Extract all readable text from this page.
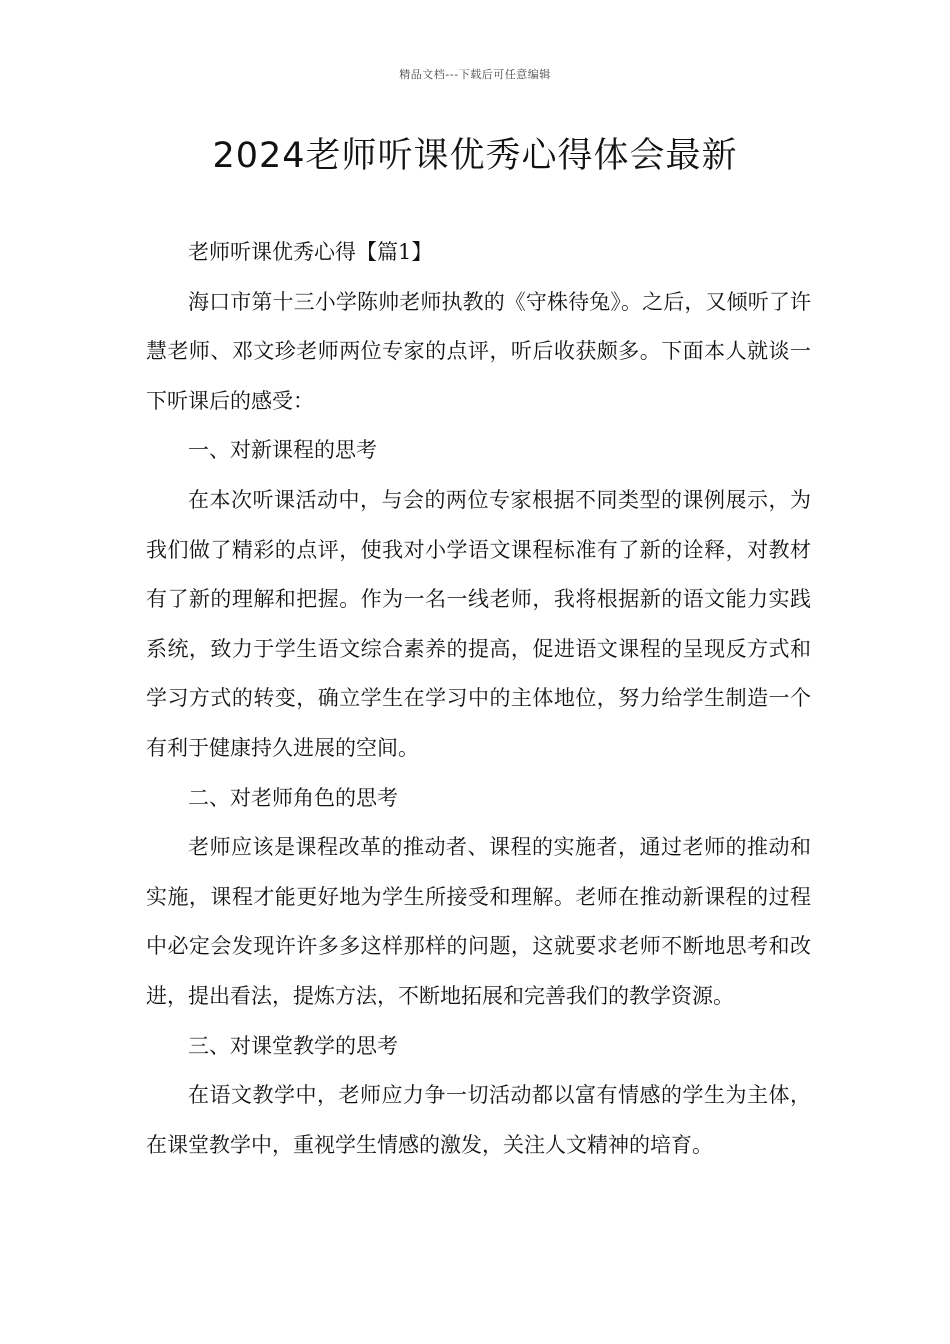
精品文档---下载后可任意编辑
2024老师听课优秀心得体会最新

老师听课优秀心得【篇1】

海口市第十三小学陈帅老师执教的《守株待兔》。之后，又倾听了许慧老师、邓文珍老师两位专家的点评，听后收获颇多。下面本人就谈一下听课后的感受：

一、对新课程的思考

在本次听课活动中，与会的两位专家根据不同类型的课例展示，为我们做了精彩的点评，使我对小学语文课程标准有了新的诠释，对教材有了新的理解和把握。作为一名一线老师，我将根据新的语文能力实践系统，致力于学生语文综合素养的提高，促进语文课程的呈现反方式和学习方式的转变，确立学生在学习中的主体地位，努力给学生制造一个有利于健康持久进展的空间。

二、对老师角色的思考

老师应该是课程改革的推动者、课程的实施者，通过老师的推动和实施，课程才能更好地为学生所接受和理解。老师在推动新课程的过程中必定会发现许许多多这样那样的问题，这就要求老师不断地思考和改进，提出看法，提炼方法，不断地拓展和完善我们的教学资源。

三、对课堂教学的思考

在语文教学中，老师应力争一切活动都以富有情感的学生为主体，在课堂教学中，重视学生情感的激发，关注人文精神的培育。
